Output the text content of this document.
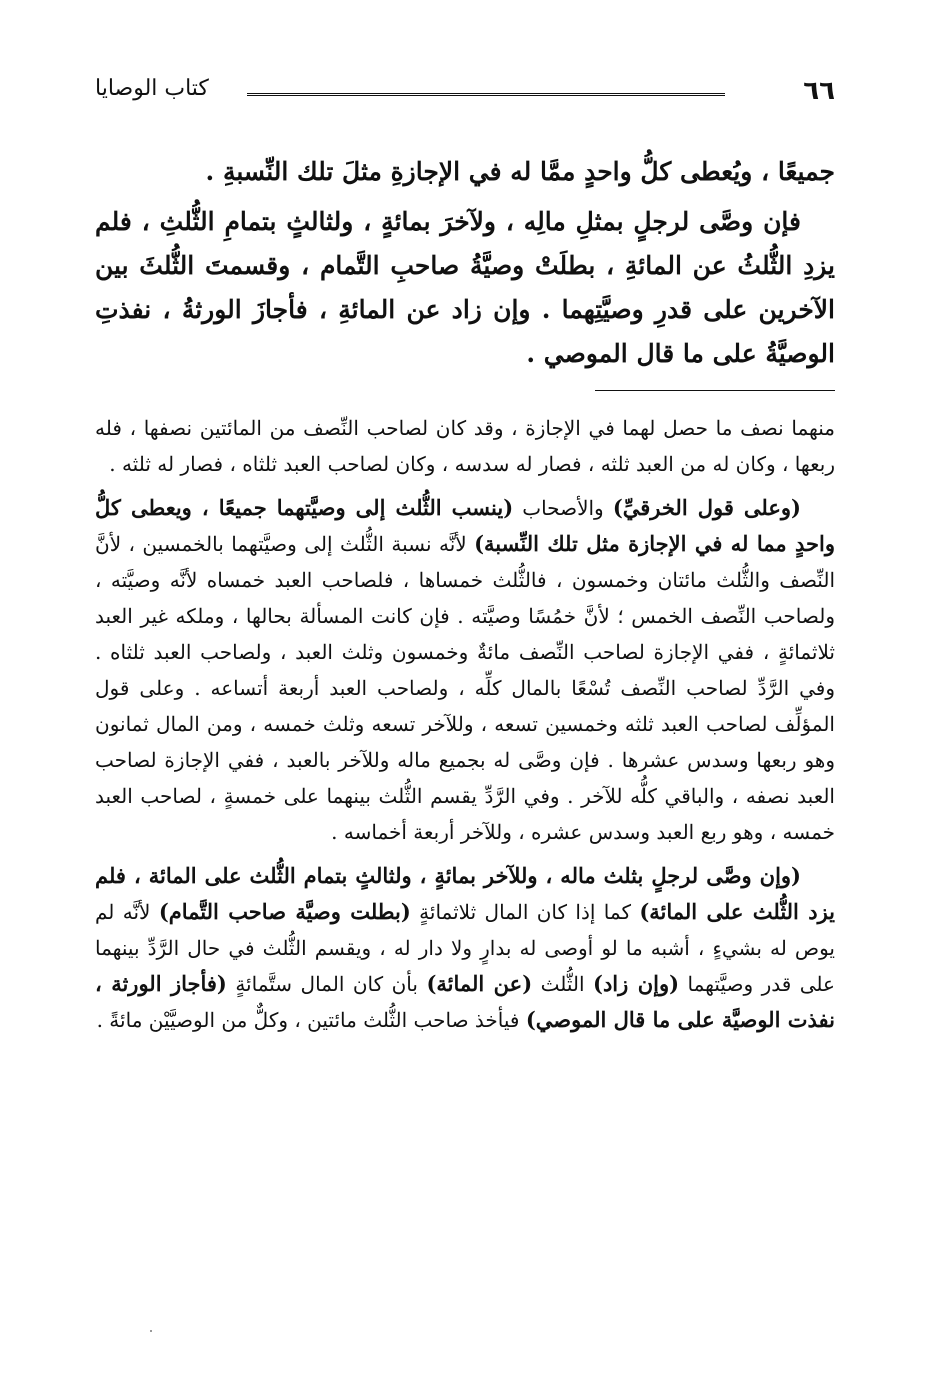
٦٦
كتاب الوصايا

جميعًا ، ويُعطى كلُّ واحدٍ ممَّا له في الإجازةِ مثلَ تلك النِّسبةِ .

فإن وصَّى لرجلٍ بمثلِ مالِه ، ولآخرَ بمائةٍ ، ولثالثٍ بتمامِ الثُّلثِ ، فلم يزدِ الثُّلثُ عن المائةِ ، بطلَتْ وصيَّةُ صاحبِ التَّمام ، وقسمتَ الثُّلثَ بين الآخرين على قدرِ وصيَّتِهما . وإن زاد عن المائةِ ، فأجازَ الورثةُ ، نفذتِ الوصيَّةُ على ما قال الموصي .

منهما نصف ما حصل لهما في الإجازة ، وقد كان لصاحب النِّصف من المائتين نصفها ، فله ربعها ، وكان له من العبد ثلثه ، فصار له سدسه ، وكان لصاحب العبد ثلثاه ، فصار له ثلثه .

(وعلى قول الخرقيِّ) والأصحاب (ينسب الثُّلث إلى وصيَّتهما جميعًا ، ويعطى كلُّ واحدٍ مما له في الإجازة مثل تلك النِّسبة) لأنَّه نسبة الثُّلث إلى وصيَّتهما بالخمسين ، لأنَّ النِّصف والثُّلث مائتان وخمسون ، فالثُّلث خمساها ، فلصاحب العبد خمساه لأنَّه وصيَّته ، ولصاحب النِّصف الخمس ؛ لأنَّ خمُسًا وصيَّته . فإن كانت المسألة بحالها ، وملكه غير العبد ثلاثمائةٍ ، ففي الإجازة لصاحب النِّصف مائةٌ وخمسون وثلث العبد ، ولصاحب العبد ثلثاه . وفي الرَّدِّ لصاحب النِّصف تُسْعًا بالمال كلِّه ، ولصاحب العبد أربعة أتساعه . وعلى قول المؤلِّف لصاحب العبد ثلثه وخمسين تسعه ، وللآخر تسعه وثلث خمسه ، ومن المال ثمانون وهو ربعها وسدس عشرها . فإن وصَّى له بجميع ماله وللآخر بالعبد ، ففي الإجازة لصاحب العبد نصفه ، والباقي كلُّه للآخر . وفي الرَّدِّ يقسم الثُّلث بينهما على خمسةٍ ، لصاحب العبد خمسه ، وهو ربع العبد وسدس عشره ، وللآخر أربعة أخماسه .

(وإن وصَّى لرجلٍ بثلث ماله ، وللآخر بمائةٍ ، ولثالثٍ بتمام الثُّلث على المائة ، فلم يزد الثُّلث على المائة) كما إذا كان المال ثلاثمائةٍ (بطلت وصيَّة صاحب التَّمام) لأنَّه لم يوص له بشيءٍ ، أشبه ما لو أوصى له بدارٍ ولا دار له ، ويقسم الثُّلث في حال الرَّدِّ بينهما على قدر وصيَّتهما (وإن زاد) الثُّلث (عن المائة) بأن كان المال ستَّمائةٍ (فأجاز الورثة ، نفذت الوصيَّة على ما قال الموصي) فيأخذ صاحب الثُّلث مائتين ، وكلٌّ من الوصيَّيْن مائةً .
